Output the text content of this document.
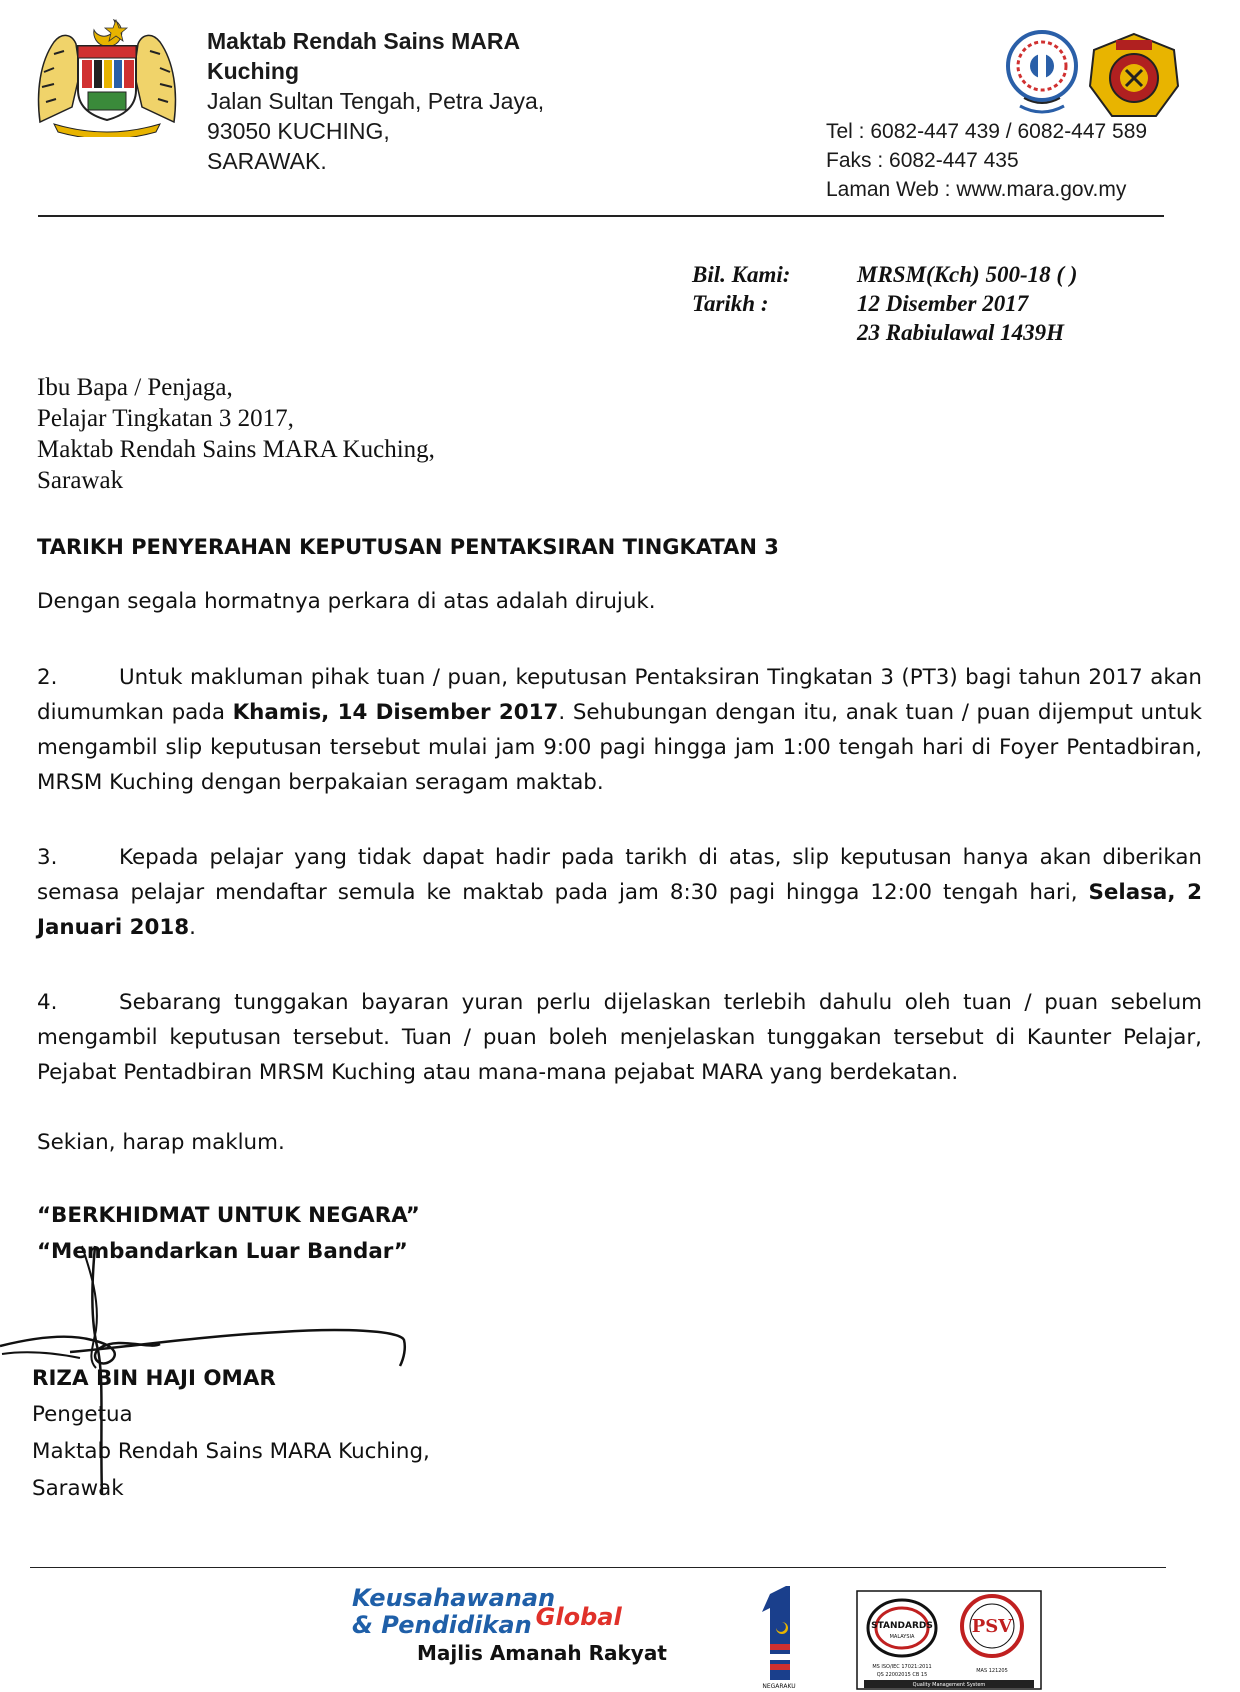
Maktab Rendah Sains MARA
Kuching
Jalan Sultan Tengah, Petra Jaya,
93050 KUCHING,
SARAWAK.
Tel : 6082-447 439 / 6082-447 589
Faks : 6082-447 435
Laman Web : www.mara.gov.my
Bil. Kami:	MRSM(Kch) 500-18 ( )
Tarikh :	12 Disember 2017
23 Rabiulawal 1439H
Ibu Bapa / Penjaga,
Pelajar Tingkatan 3 2017,
Maktab Rendah Sains MARA Kuching,
Sarawak
TARIKH PENYERAHAN KEPUTUSAN PENTAKSIRAN TINGKATAN 3
Dengan segala hormatnya perkara di atas adalah dirujuk.
2.	Untuk makluman pihak tuan / puan, keputusan Pentaksiran Tingkatan 3 (PT3) bagi tahun 2017 akan diumumkan pada Khamis, 14 Disember 2017. Sehubungan dengan itu, anak tuan / puan dijemput untuk mengambil slip keputusan tersebut mulai jam 9:00 pagi hingga jam 1:00 tengah hari di Foyer Pentadbiran, MRSM Kuching dengan berpakaian seragam maktab.
3.	Kepada pelajar yang tidak dapat hadir pada tarikh di atas, slip keputusan hanya akan diberikan semasa pelajar mendaftar semula ke maktab pada jam 8:30 pagi hingga 12:00 tengah hari, Selasa, 2 Januari 2018.
4.	Sebarang tunggakan bayaran yuran perlu dijelaskan terlebih dahulu oleh tuan / puan sebelum mengambil keputusan tersebut. Tuan / puan boleh menjelaskan tunggakan tersebut di Kaunter Pelajar, Pejabat Pentadbiran MRSM Kuching atau mana-mana pejabat MARA yang berdekatan.
Sekian, harap maklum.
“BERKHIDMAT UNTUK NEGARA”
“Membandarkan Luar Bandar”
RIZA BIN HAJI OMAR
Pengetua
Maktab Rendah Sains MARA Kuching,
Sarawak
Keusahawanan
& Pendidikan Global
Majlis Amanah Rakyat
NEGARAKU
STANDARDS
MALAYSIA	PSV
MS ISO/IEC 17021:2011
QS 22002015 CB 15
MAS 121205
Quality Management System
